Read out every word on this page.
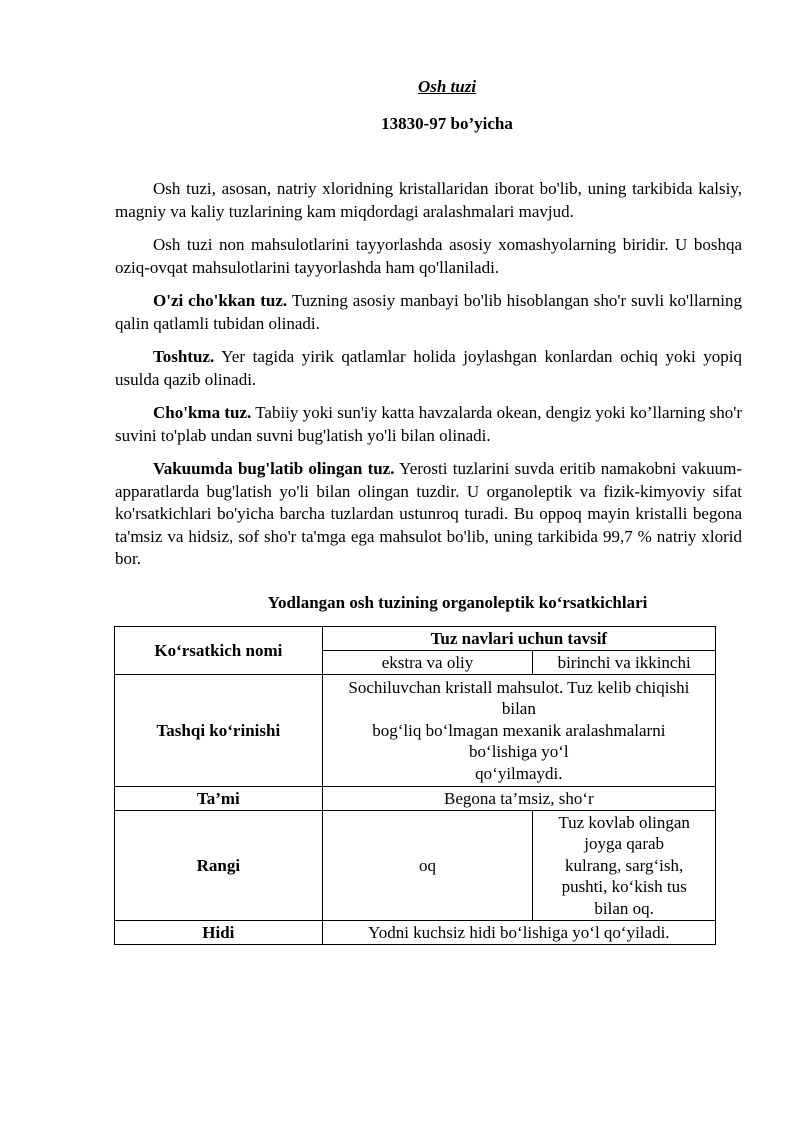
Osh tuzi
13830-97 bo’yicha

Osh tuzi, asosan, natriy xloridning kristallaridan iborat bo'lib, uning tarkibida kalsiy, magniy va kaliy tuzlarining kam miqdordagi aralashmalari mavjud.

Osh tuzi non mahsulotlarini tayyorlashda asosiy xomashyolarning biridir. U boshqa oziq-ovqat mahsulotlarini tayyorlashda ham qo'llaniladi.

O'zi cho'kkan tuz. Tuzning asosiy manbayi bo'lib hisoblangan sho'r suvli ko'llarning qalin qatlamli tubidan olinadi.

Toshtuz. Yer tagida yirik qatlamlar holida joylashgan konlardan ochiq yoki yopiq usulda qazib olinadi.

Cho'kma tuz. Tabiiy yoki sun'iy katta havzalarda okean, dengiz yoki ko’llarning sho'r suvini to'plab undan suvni bug'latish yo'li bilan olinadi.

Vakuumda bug'latib olingan tuz. Yerosti tuzlarini suvda eritib namakobni vakuum-apparatlarda bug'latish yo'li bilan olingan tuzdir. U organoleptik va fizik-kimyoviy sifat ko'rsatkichlari bo'yicha barcha tuzlardan ustunroq turadi. Bu oppoq mayin kristalli begona ta'msiz va hidsiz, sof sho'r ta'mga ega mahsulot bo'lib, uning tarkibida 99,7 % natriy xlorid bor.

Yodlangan osh tuzining organoleptik ko‘rsatkichlari
Ko‘rsatkich nomi	Tuz navlari uchun tavsif	
	ekstra va oliy	birinchi va ikkinchi
Tashqi ko‘rinishi	Sochiluvchan kristall mahsulot. Tuz kelib chiqishi
bilan
bog‘liq bo‘lmagan mexanik aralashmalarni
bo‘lishiga yo‘l
qo‘yilmaydi.	

Ta’mi	Begona ta’msiz, sho‘r	
Rangi	oq	Tuz kovlab olingan
joyga qarab
kulrang, sarg‘ish,
pushti, ko‘kish tus
bilan oq.

Hidi	Yodni kuchsiz hidi bo‘lishiga yo‘l qo‘yiladi.	
